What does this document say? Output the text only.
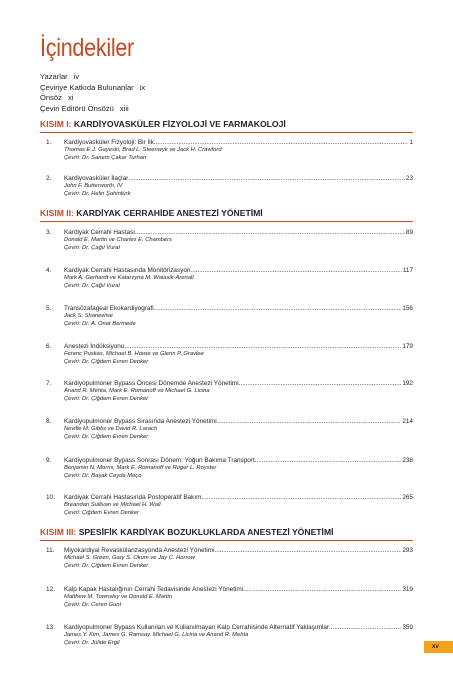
İçindekiler
Yazarlar iv
Çeviriye Katkıda Bulunanlar ix
Önsöz xi
Çeviri Editörü Önsözü xiii
KISIM I: KARDİYOVASKÜLER FİZYOLOJİ VE FARMAKOLOJİ
1. Kardiyovasküler Fizyoloji: Bir İlk . . .	1
Thomas E.J. Gayeski, Brad L. Steenwyk ve Jack H. Crawford
Çeviri: Dr. Sanem Çakar Turhan
2. Kardiyovasküler İlaçlar . . .	23
John F. Butterworth, IV
Çeviri: Dr. Helin Şahintürk
KISIM II: KARDİYAK CERRAHİDE ANESTEZİ YÖNETİMİ
3. Kardiyak Cerrahi Hastası . . .	89
Donald E. Martin ve Charles E. Chambers
Çeviri: Dr. Çağıl Vural
4. Kardiyak Cerrahi Hastasında Monitörizasyon . . .	117
Mark A. Gerhardt ve Katarzyna M. Walasik-Arenall
Çeviri: Dr. Çağıl Vural
5. Transözafageal Ekokardiyografi . . .	156
Jack S. Shanewise
Çeviri: Dr. A. Onat Bermede
6. Anestezi İndüksiyonu . . .	179
Ferenc Puskas, Michael B. Howie ve Glenn P. Gravlee
Çeviri: Dr. Çiğdem Evren Denker
7. Kardiyopulmoner Bypass Öncesi Dönemde Anestezi Yönetimi . . .	192
Anand R. Mehta, Mark E. Romanoff ve Michael G. Licina
Çeviri: Dr. Çiğdem Evren Denker
8. Kardiyopulmoner Bypass Sırasında Anestezi Yönetimi . . .	214
Neville M. Gibbs ve David R. Larach
Çeviri: Dr. Çiğdem Evren Denker
9. Kardiyopulmoner Bypass Sonrası Dönem: Yoğun Bakıma Transport . . .	238
Benjamin N. Morris, Mark E. Romanoff ve Roger L. Royster
Çeviri: Dr. Başak Ceyda Meço
10. Kardiyak Cerrahi Hastasında Postoperatif Bakım . . .	265
Breandan Sullivan ve Michael H. Wall
Çeviri: Çiğdem Evren Denker
KISIM III: SPESİFİK KARDİYAK BOZUKLUKLARDA ANESTEZİ YÖNETİMİ
11. Miyokardiyal Revaskülarizasyonda Anestezi Yönetimi . . .	293
Michael S. Green, Gary S. Okum ve Jay C. Horrow
Çeviri: Dr. Çiğdem Evren Denker
12. Kalp Kapak Hastalığının Cerrahi Tedavisinde Anestezi Yönetimi . . .	319
Matthew M. Townsley ve Donald E. Martin
Çeviri: Dr. Ceren Gunt
13. Kardiyopulmoner Bypass Kullanılan ve Kullanılmayan Kalp Cerrahisinde Alternatif Yaklaşımlar . . .	359
James Y. Kim, James G. Ramsay, Michael G. Licina ve Anand R. Mehta
Çeviri: Dr. Jülide Ergil
xv
